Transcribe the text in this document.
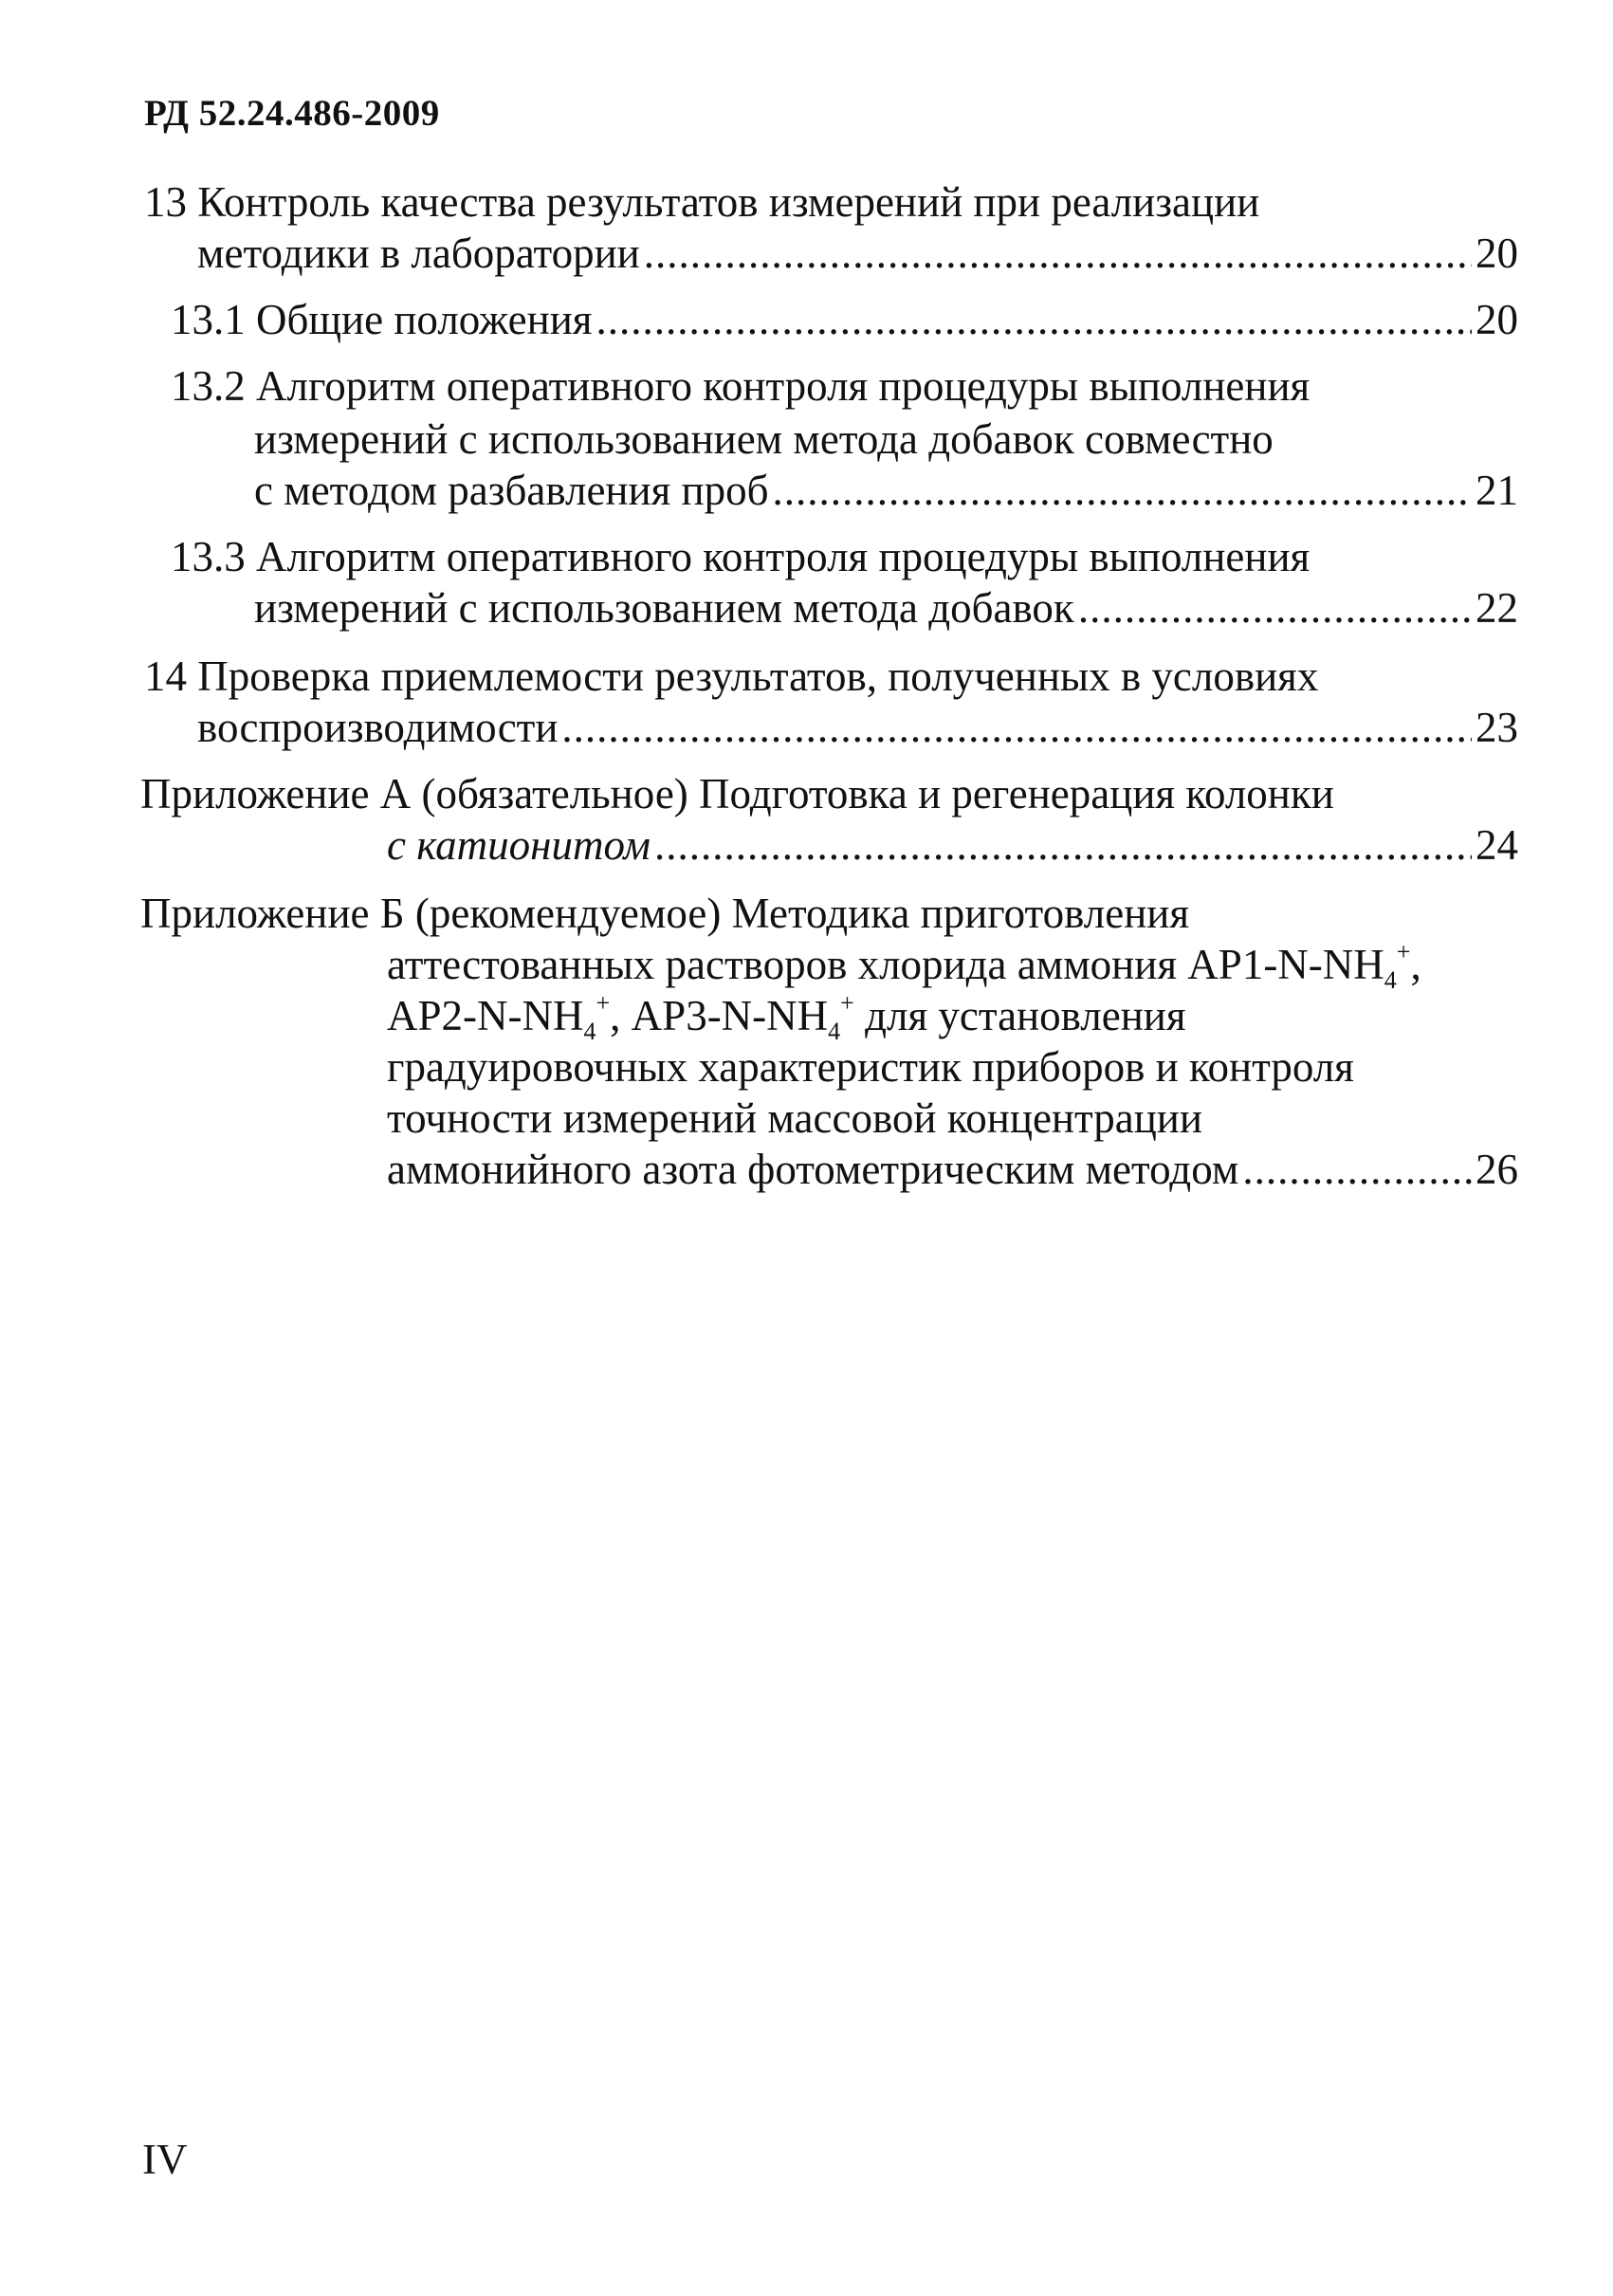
РД 52.24.486-2009
13 Контроль качества результатов измерений при реализации
методики в лаборатории .....	20
13.1 Общие положения .....	20
13.2 Алгоритм оперативного контроля процедуры выполнения
измерений с использованием метода добавок совместно
с методом разбавления проб .....	21
13.3 Алгоритм оперативного контроля процедуры выполнения
измерений с использованием метода добавок .....	22
14 Проверка приемлемости результатов, полученных в условиях
воспроизводимости .....	23
Приложение А (обязательное) Подготовка и регенерация колонки
с катионитом .....	24
Приложение Б (рекомендуемое) Методика приготовления
аттестованных растворов хлорида аммония $АР1-N-NH_4^+$,
$АР2-N-NH_4^+$, $АР3-N-NH_4^+$ для установления
градуировочных характеристик приборов и контроля
точности измерений массовой концентрации
аммонийного азота фотометрическим методом .....	26
IV
